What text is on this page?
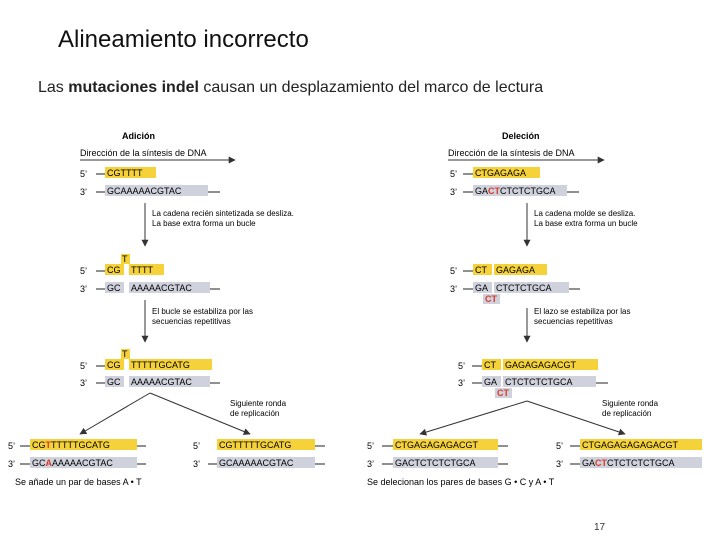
Alineamiento incorrecto
Las mutaciones indel causan un desplazamiento del marco de lectura
Adición
Dirección de la síntesis de DNA
5’ CGTTTT
3’ GCAAAAACGTAC
La cadena recién sintetizada se desliza. La base extra forma un bucle
T
5’ CG TTTT
3’ GC AAAAACGTAC
El bucle se estabiliza por las secuencias repetitivas
T
5’ CG TTTTTGCATG
3’ GC AAAAACGTAC
Siguiente ronda de replicación
5’ CGTTTTTTGCATG
3’ GCAAAAAACGTAC
5’ CGTTTTTGCATG
3’ GCAAAAACGTAC
Se añade un par de bases A • T
Deleción
Dirección de la síntesis de DNA
5’ CTGAGAGA
3’ GACTCTCTCTGCA
La cadena molde se desliza. La base extra forma un bucle
5’ CT GAGAGA
3’ GA CTCTCTGCA
CT
El lazo se estabiliza por las secuencias repetitivas
5’ CT GAGAGAGACGT
3’ GA CTCTCTCTGCA
CT
Siguiente ronda de replicación
5’ CTGAGAGAGACGT
3’ GACTCTCTCTGCA
5’ CTGAGAGAGAGACGT
3’ GACTCTCTCTCTGCA
Se delecionan los pares de bases G • C y A • T
17
